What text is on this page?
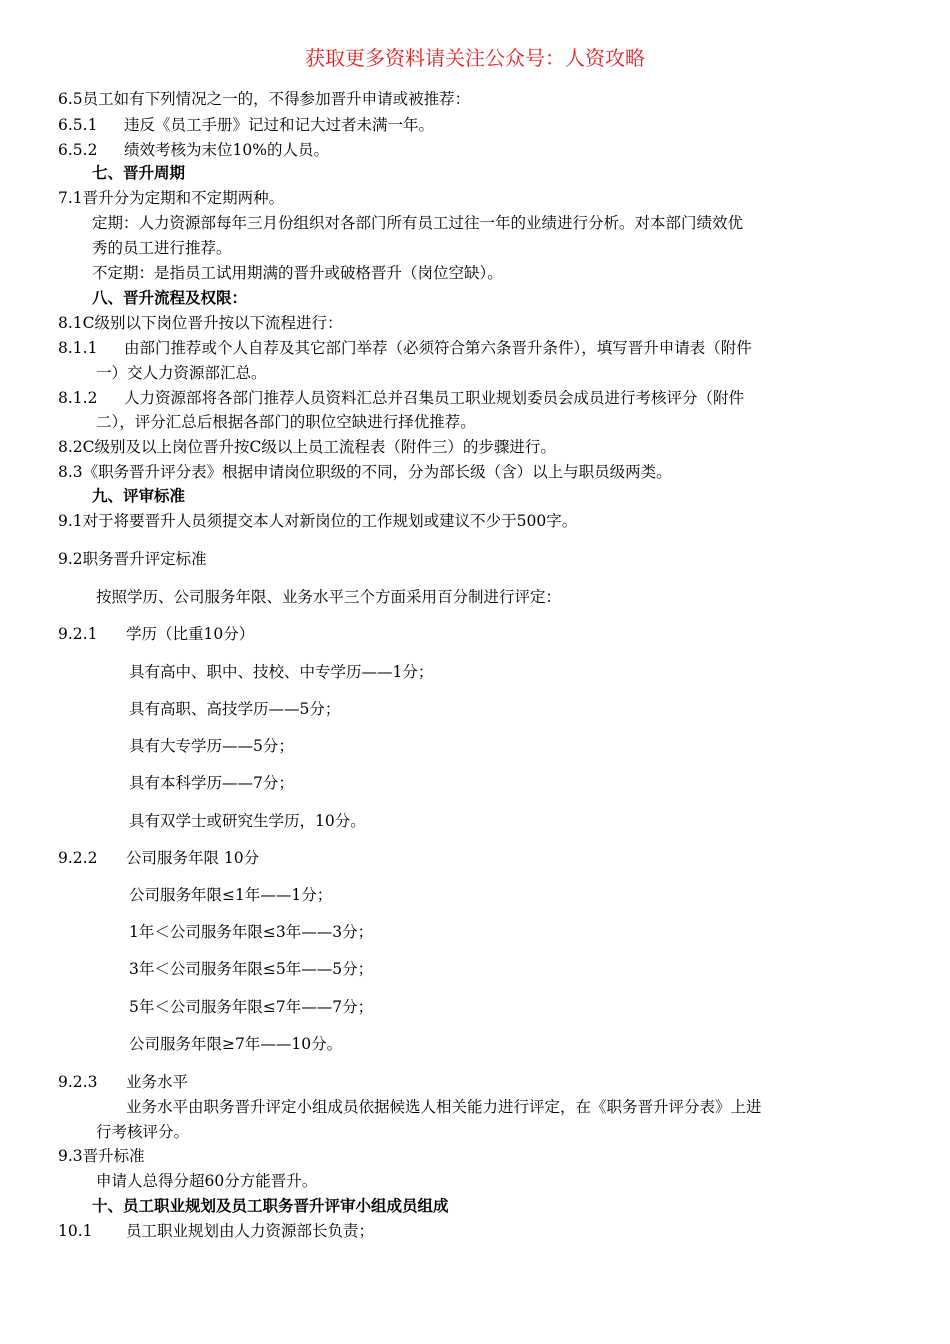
获取更多资料请关注公众号：人资攻略
6.5员工如有下列情况之一的，不得参加晋升申请或被推荐：
6.5.1 违反《员工手册》记过和记大过者未满一年。
6.5.2 绩效考核为末位10%的人员。
七、晋升周期
7.1晋升分为定期和不定期两种。
定期：人力资源部每年三月份组织对各部门所有员工过往一年的业绩进行分析。对本部门绩效优
秀的员工进行推荐。
不定期：是指员工试用期满的晋升或破格晋升（岗位空缺）。
八、晋升流程及权限：
8.1C级别以下岗位晋升按以下流程进行：
8.1.1 由部门推荐或个人自荐及其它部门举荐（必须符合第六条晋升条件），填写晋升申请表（附件
一）交人力资源部汇总。
8.1.2 人力资源部将各部门推荐人员资料汇总并召集员工职业规划委员会成员进行考核评分（附件
二），评分汇总后根据各部门的职位空缺进行择优推荐。
8.2C级别及以上岗位晋升按C级以上员工流程表（附件三）的步骤进行。
8.3《职务晋升评分表》根据申请岗位职级的不同，分为部长级（含）以上与职员级两类。
九、评审标准
9.1对于将要晋升人员须提交本人对新岗位的工作规划或建议不少于500字。
9.2职务晋升评定标准
按照学历、公司服务年限、业务水平三个方面采用百分制进行评定：
9.2.1 学历（比重10分）
具有高中、职中、技校、中专学历——1分；
具有高职、高技学历——5分；
具有大专学历——5分；
具有本科学历——7分；
具有双学士或研究生学历，10分。
9.2.2 公司服务年限 10分
公司服务年限≤1年——1分；
1年＜公司服务年限≤3年——3分；
3年＜公司服务年限≤5年——5分；
5年＜公司服务年限≤7年——7分；
公司服务年限≥7年——10分。
9.2.3 业务水平
业务水平由职务晋升评定小组成员依据候选人相关能力进行评定，在《职务晋升评分表》上进
行考核评分。
9.3晋升标准
申请人总得分超60分方能晋升。
十、员工职业规划及员工职务晋升评审小组成员组成
10.1 员工职业规划由人力资源部长负责；
